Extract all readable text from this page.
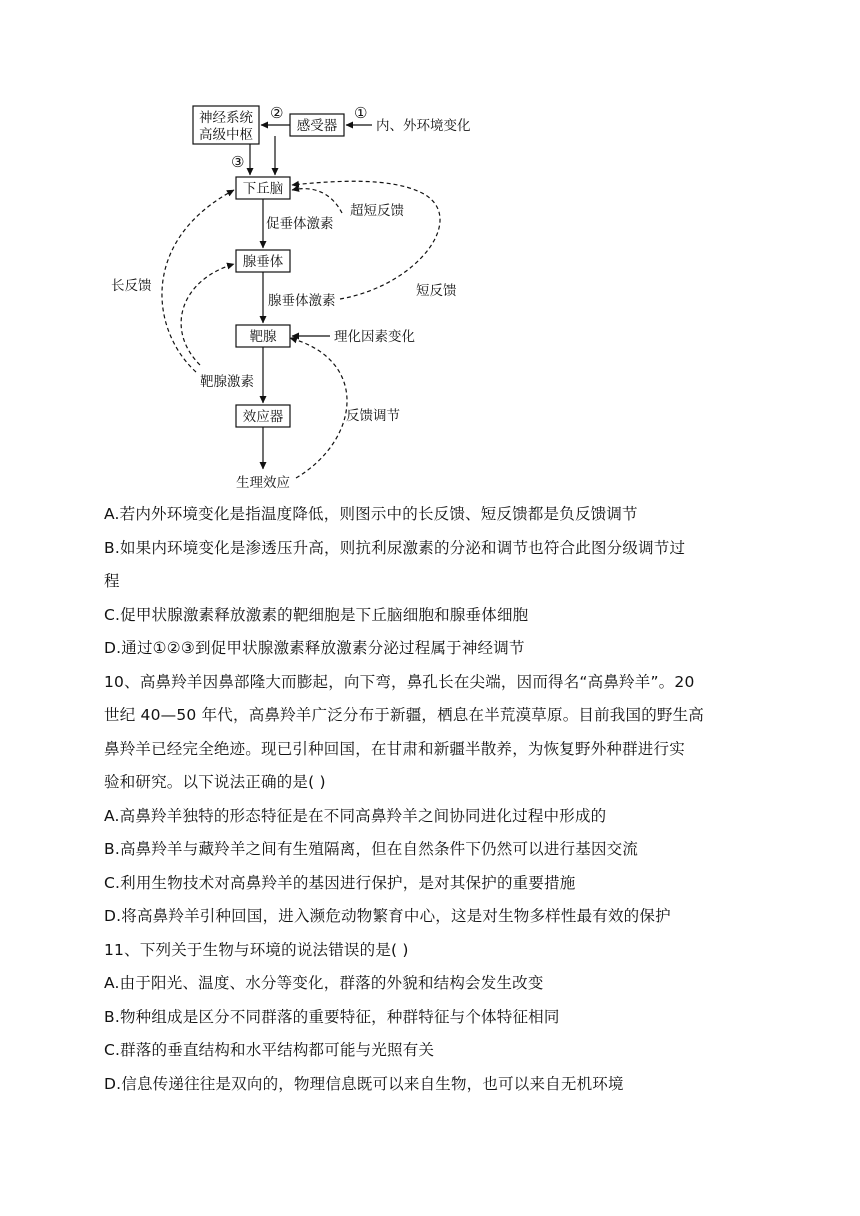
神经系统
高级中枢
感受器
下丘脑
腺垂体
靶腺
效应器
生理效应
①
②
③
内、外环境变化
促垂体激素
超短反馈
长反馈
腺垂体激素
短反馈
理化因素变化
靶腺激素
反馈调节
A.若内外环境变化是指温度降低，则图示中的长反馈、短反馈都是负反馈调节
B.如果内环境变化是渗透压升高，则抗利尿激素的分泌和调节也符合此图分级调节过
程
C.促甲状腺激素释放激素的靶细胞是下丘脑细胞和腺垂体细胞
D.通过①②③到促甲状腺激素释放激素分泌过程属于神经调节
10、高鼻羚羊因鼻部隆大而膨起，向下弯，鼻孔长在尖端，因而得名“高鼻羚羊”。20
世纪 40—50 年代，高鼻羚羊广泛分布于新疆，栖息在半荒漠草原。目前我国的野生高
鼻羚羊已经完全绝迹。现已引种回国，在甘肃和新疆半散养，为恢复野外种群进行实
验和研究。以下说法正确的是( )
A.高鼻羚羊独特的形态特征是在不同高鼻羚羊之间协同进化过程中形成的
B.高鼻羚羊与藏羚羊之间有生殖隔离，但在自然条件下仍然可以进行基因交流
C.利用生物技术对高鼻羚羊的基因进行保护，是对其保护的重要措施
D.将高鼻羚羊引种回国，进入濒危动物繁育中心，这是对生物多样性最有效的保护
11、下列关于生物与环境的说法错误的是( )
A.由于阳光、温度、水分等变化，群落的外貌和结构会发生改变
B.物种组成是区分不同群落的重要特征，种群特征与个体特征相同
C.群落的垂直结构和水平结构都可能与光照有关
D.信息传递往往是双向的，物理信息既可以来自生物，也可以来自无机环境
